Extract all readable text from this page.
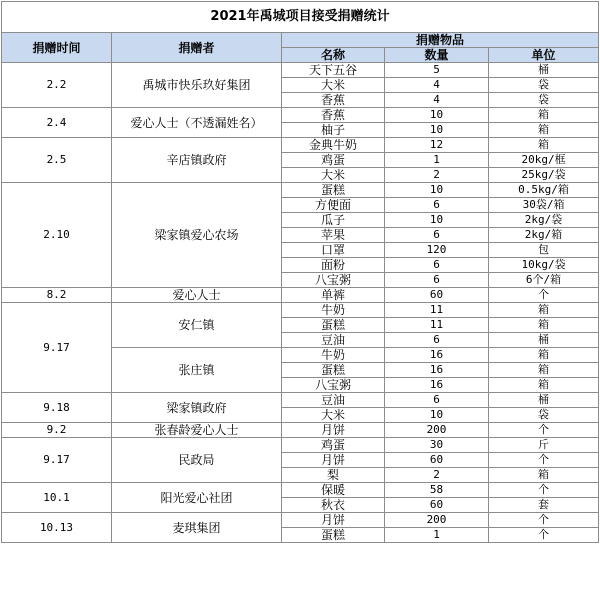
2021年禹城项目接受捐赠统计				
捐赠时间	捐赠者	捐赠物品		
		名称	数量	单位
2.2	禹城市快乐玖好集团	天下五谷	5	桶
		大米	4	袋
		香蕉	4	袋
2.4	爱心人士（不透漏姓名）	香蕉	10	箱
		柚子	10	箱
2.5	辛店镇政府	金典牛奶	12	箱
		鸡蛋	1	20kg/框
		大米	2	25kg/袋
2.10	梁家镇爱心农场	蛋糕	10	0.5kg/箱
		方便面	6	30袋/箱
		瓜子	10	2kg/袋
		苹果	6	2kg/箱
		口罩	120	包
		面粉	6	10kg/袋
		八宝粥	6	6个/箱
8.2	爱心人士	单裤	60	个
9.17	安仁镇	牛奶	11	箱
		蛋糕	11	箱
		豆油	6	桶
	张庄镇	牛奶	16	箱
		蛋糕	16	箱
		八宝粥	16	箱
9.18	梁家镇政府	豆油	6	桶
		大米	10	袋
9.2	张春龄爱心人士	月饼	200	个
9.17	民政局	鸡蛋	30	斤
		月饼	60	个
		梨	2	箱
10.1	阳光爱心社团	保暖	58	个
		秋衣	60	套
10.13	麦琪集团	月饼	200	个
		蛋糕	1	个
